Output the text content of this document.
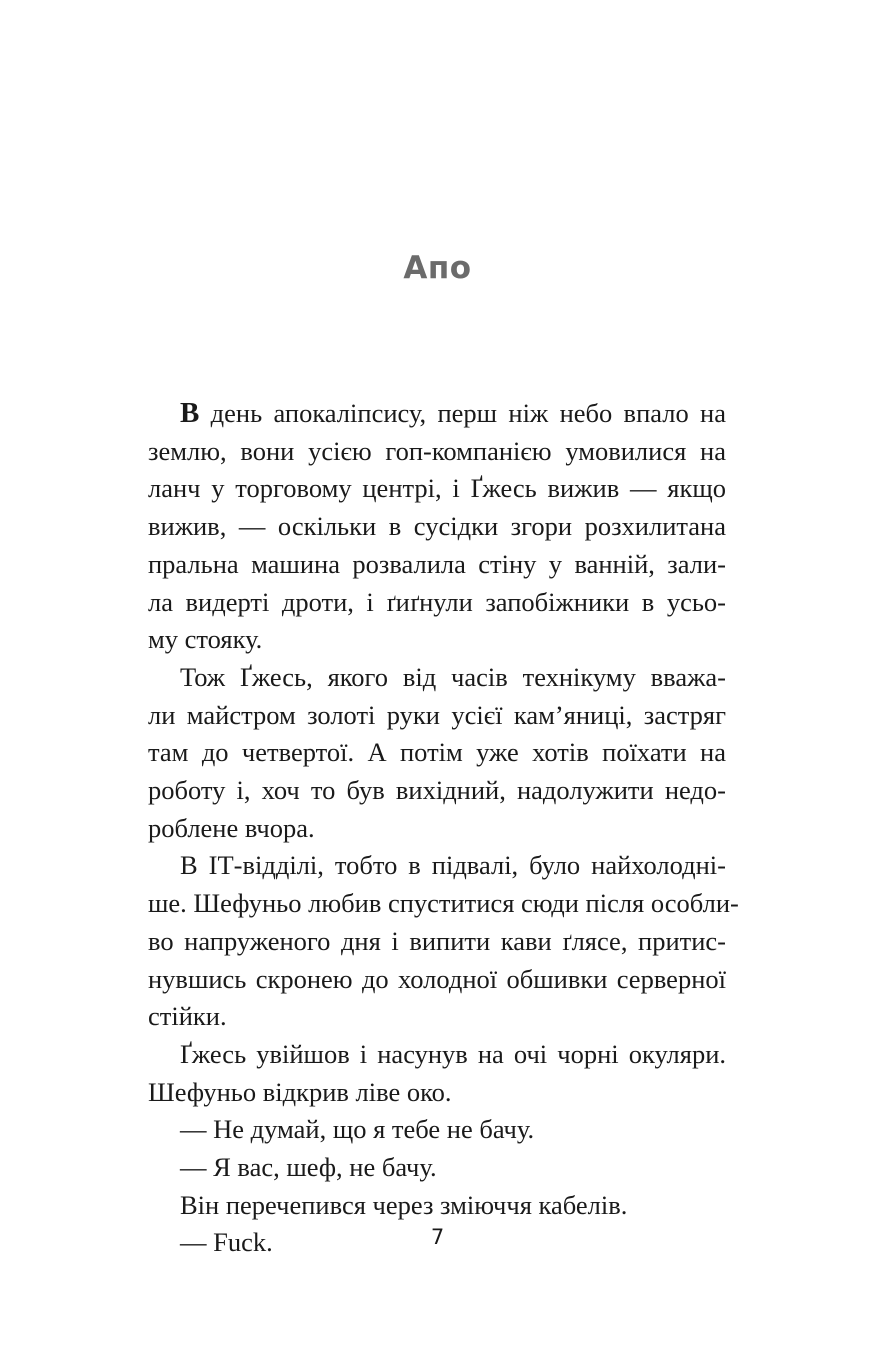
Апо
В день апокаліпсису, перш ніж небо впало на
землю, вони усією гоп-компанією умовилися на
ланч у торговому центрі, і Ґжесь вижив — якщо
вижив, — оскільки в сусідки згори розхилитана
пральна машина розвалила стіну у ванній, зали-
ла видерті дроти, і ґиґнули запобіжники в усьо-
му стояку.
Тож Ґжесь, якого від часів технікуму вважа-
ли майстром золоті руки усієї кам’яниці, застряг
там до четвертої. А потім уже хотів поїхати на
роботу і, хоч то був вихідний, надолужити недо-
роблене вчора.
В ІТ-відділі, тобто в підвалі, було найхолодні-
ше. Шефуньо любив спуститися сюди після особли-
во напруженого дня і випити кави ґлясе, притис-
нувшись скронею до холодної обшивки серверної
стійки.
Ґжесь увійшов і насунув на очі чорні окуляри.
Шефуньо відкрив ліве око.
— Не думай, що я тебе не бачу.
— Я вас, шеф, не бачу.
Він перечепився через зміюччя кабелів.
— Fuck.	7
